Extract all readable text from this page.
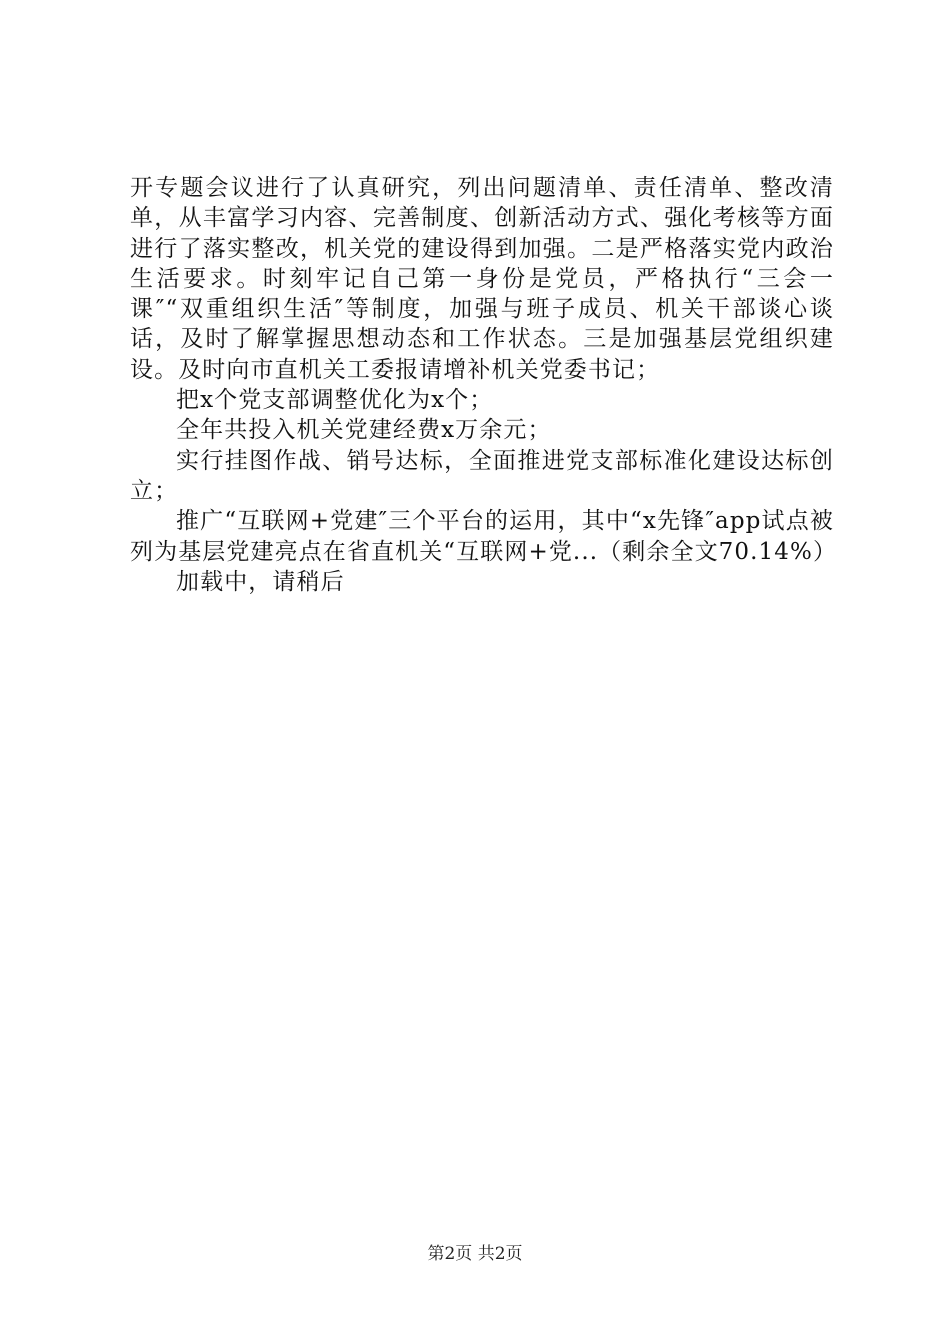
开专题会议进行了认真研究，列出问题清单、责任清单、整改清单，从丰富学习内容、完善制度、创新活动方式、强化考核等方面进行了落实整改，机关党的建设得到加强。二是严格落实党内政治生活要求。时刻牢记自己第一身份是党员，严格执行“三会一课″“双重组织生活″等制度，加强与班子成员、机关干部谈心谈话，及时了解掌握思想动态和工作状态。三是加强基层党组织建设。及时向市直机关工委报请增补机关党委书记；

把x个党支部调整优化为x个；

全年共投入机关党建经费x万余元；

实行挂图作战、销号达标，全面推进党支部标准化建设达标创立；

推广“互联网+党建″三个平台的运用，其中“x先锋″app试点被列为基层党建亮点在省直机关“互联网+党...（剩余全文70.14%）

加载中，请稍后

第2页 共2页
